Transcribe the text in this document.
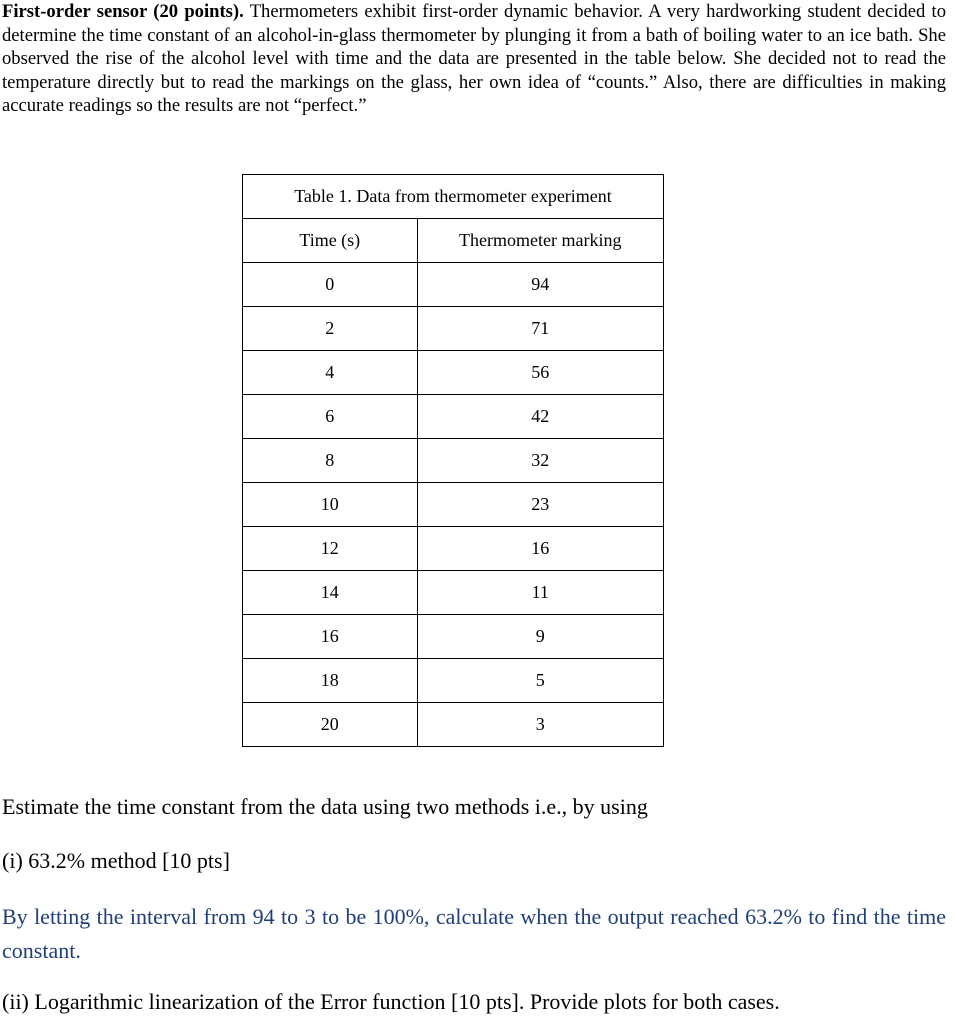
First-order sensor (20 points). Thermometers exhibit first-order dynamic behavior. A very hardworking student decided to determine the time constant of an alcohol-in-glass thermometer by plunging it from a bath of boiling water to an ice bath. She observed the rise of the alcohol level with time and the data are presented in the table below. She decided not to read the temperature directly but to read the markings on the glass, her own idea of “counts.” Also, there are difficulties in making accurate readings so the results are not “perfect.”
Table 1. Data from thermometer experiment	
Time (s)	Thermometer marking
0	94
2	71
4	56
6	42
8	32
10	23
12	16
14	11
16	9
18	5
20	3
Estimate the time constant from the data using two methods i.e., by using
(i) 63.2% method [10 pts]
By letting the interval from 94 to 3 to be 100%, calculate when the output reached 63.2% to find the time constant.
(ii) Logarithmic linearization of the Error function [10 pts]. Provide plots for both cases.
